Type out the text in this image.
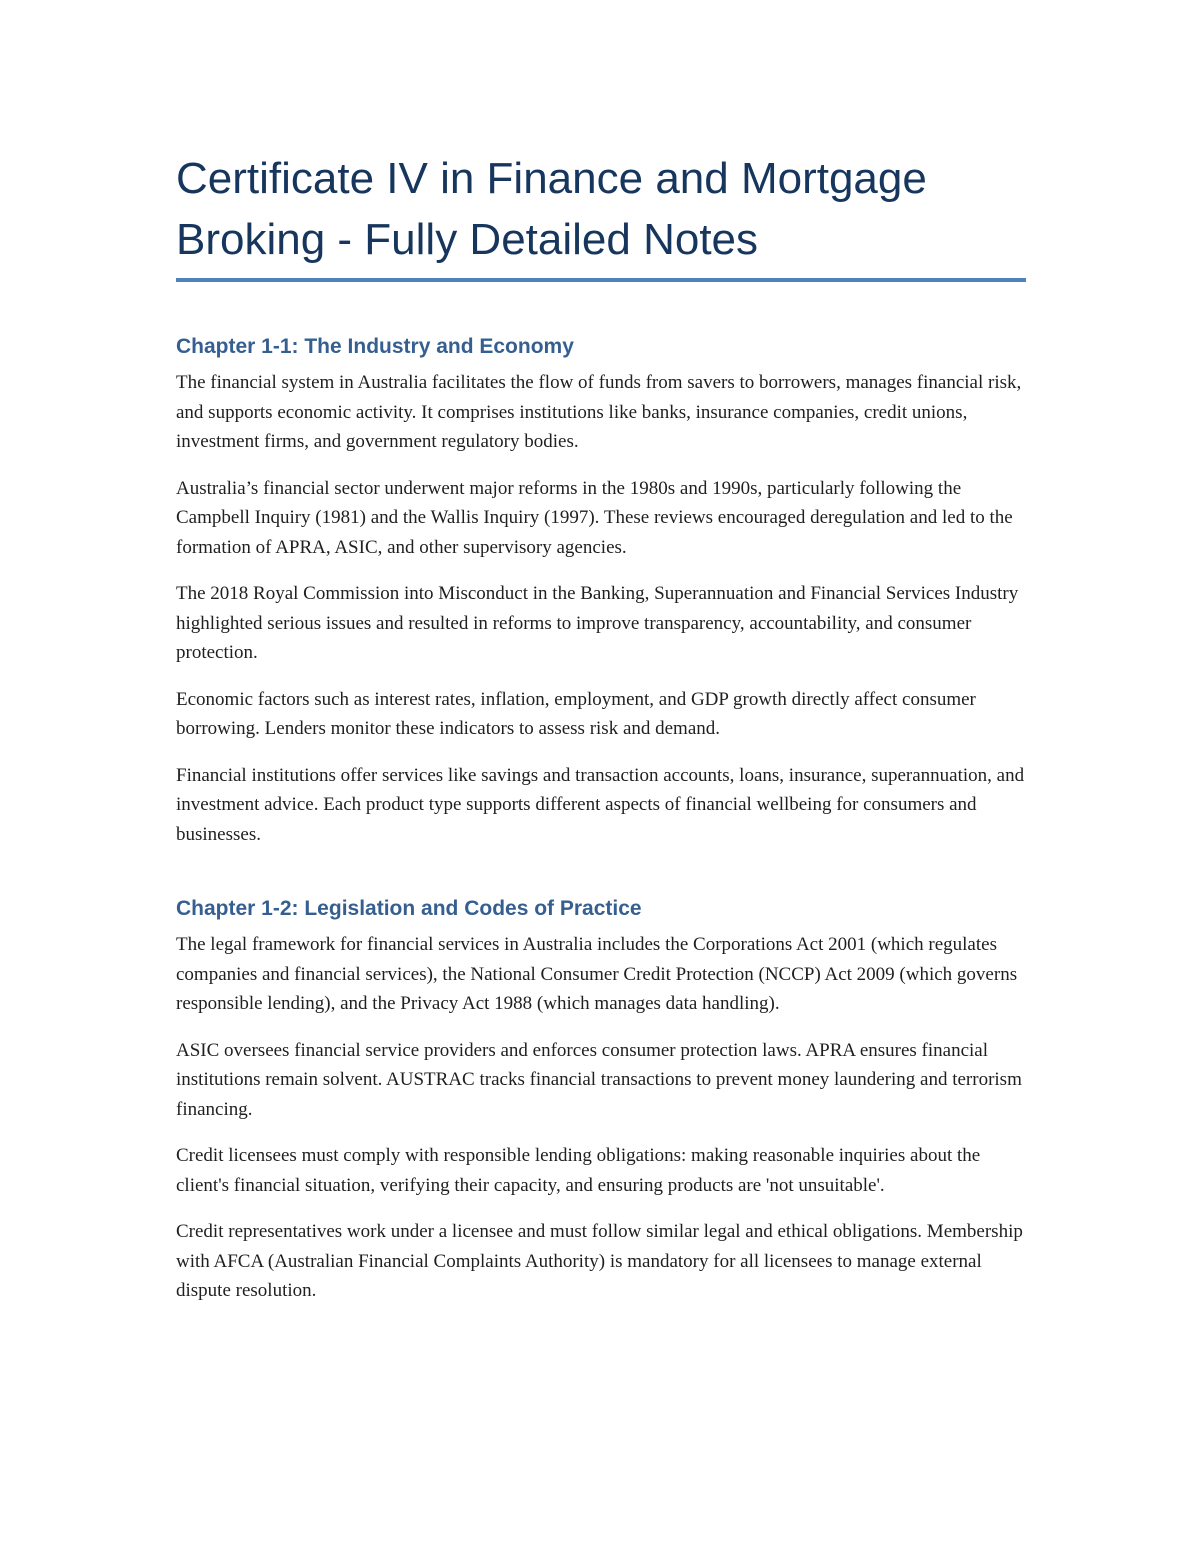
Certificate IV in Finance and Mortgage Broking - Fully Detailed Notes
Chapter 1-1: The Industry and Economy

The financial system in Australia facilitates the flow of funds from savers to borrowers, manages financial risk, and supports economic activity. It comprises institutions like banks, insurance companies, credit unions, investment firms, and government regulatory bodies.

Australia’s financial sector underwent major reforms in the 1980s and 1990s, particularly following the Campbell Inquiry (1981) and the Wallis Inquiry (1997). These reviews encouraged deregulation and led to the formation of APRA, ASIC, and other supervisory agencies.

The 2018 Royal Commission into Misconduct in the Banking, Superannuation and Financial Services Industry highlighted serious issues and resulted in reforms to improve transparency, accountability, and consumer protection.

Economic factors such as interest rates, inflation, employment, and GDP growth directly affect consumer borrowing. Lenders monitor these indicators to assess risk and demand.

Financial institutions offer services like savings and transaction accounts, loans, insurance, superannuation, and investment advice. Each product type supports different aspects of financial wellbeing for consumers and businesses.

Chapter 1-2: Legislation and Codes of Practice

The legal framework for financial services in Australia includes the Corporations Act 2001 (which regulates companies and financial services), the National Consumer Credit Protection (NCCP) Act 2009 (which governs responsible lending), and the Privacy Act 1988 (which manages data handling).

ASIC oversees financial service providers and enforces consumer protection laws. APRA ensures financial institutions remain solvent. AUSTRAC tracks financial transactions to prevent money laundering and terrorism financing.

Credit licensees must comply with responsible lending obligations: making reasonable inquiries about the client's financial situation, verifying their capacity, and ensuring products are 'not unsuitable'.

Credit representatives work under a licensee and must follow similar legal and ethical obligations. Membership with AFCA (Australian Financial Complaints Authority) is mandatory for all licensees to manage external dispute resolution.
